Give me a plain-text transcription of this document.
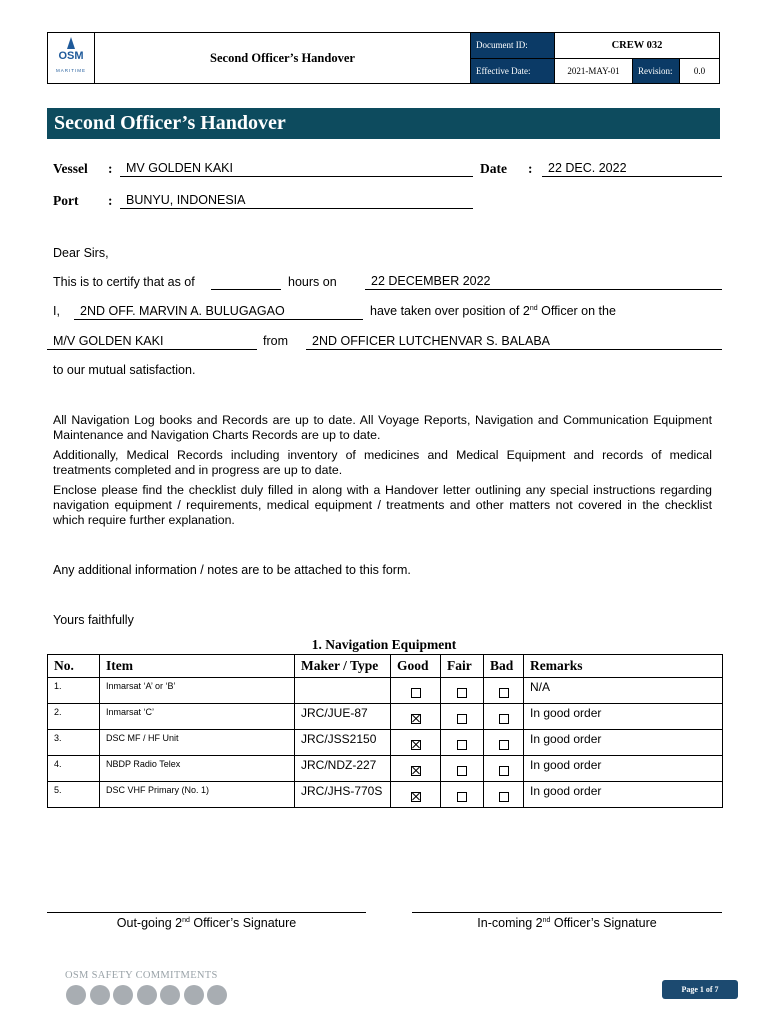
OSM
MARITIME
Second Officer’s Handover
Document ID:	CREW 032
Effective Date:	2021-MAY-01	Revision:	0.0
Second Officer’s Handover
Vessel :	MV GOLDEN KAKI	Date :	22 DEC. 2022
Port :	BUNYU, INDONESIA
Dear Sirs,
This is to certify that as of	hours on	22 DECEMBER 2022
I,	2ND OFF. MARVIN A. BULUGAGAO	have taken over position of 2nd Officer on the
M/V GOLDEN KAKI	from	2ND OFFICER LUTCHENVAR S. BALABA
to our mutual satisfaction.
All Navigation Log books and Records are up to date. All Voyage Reports, Navigation and Communication Equipment Maintenance and Navigation Charts Records are up to date.
Additionally, Medical Records including inventory of medicines and Medical Equipment and records of medical treatments completed and in progress are up to date.
Enclose please find the checklist duly filled in along with a Handover letter outlining any special instructions regarding navigation equipment / requirements, medical equipment / treatments and other matters not covered in the checklist which require further explanation.
Any additional information / notes are to be attached to this form.
Yours faithfully
1. Navigation Equipment
No.	Item	Maker / Type	Good	Fair	Bad	Remarks
1.	Inmarsat ‘A’ or ‘B’					N/A
2.	Inmarsat ‘C’	JRC/JUE-87				In good order
3.	DSC MF / HF Unit	JRC/JSS2150				In good order
4.	NBDP Radio Telex	JRC/NDZ-227				In good order
5.	DSC VHF Primary (No. 1)	JRC/JHS-770S				In good order
Out-going 2nd Officer’s Signature	In-coming 2nd Officer’s Signature
OSM SAFETY COMMITMENTS
Page 1 of 7
